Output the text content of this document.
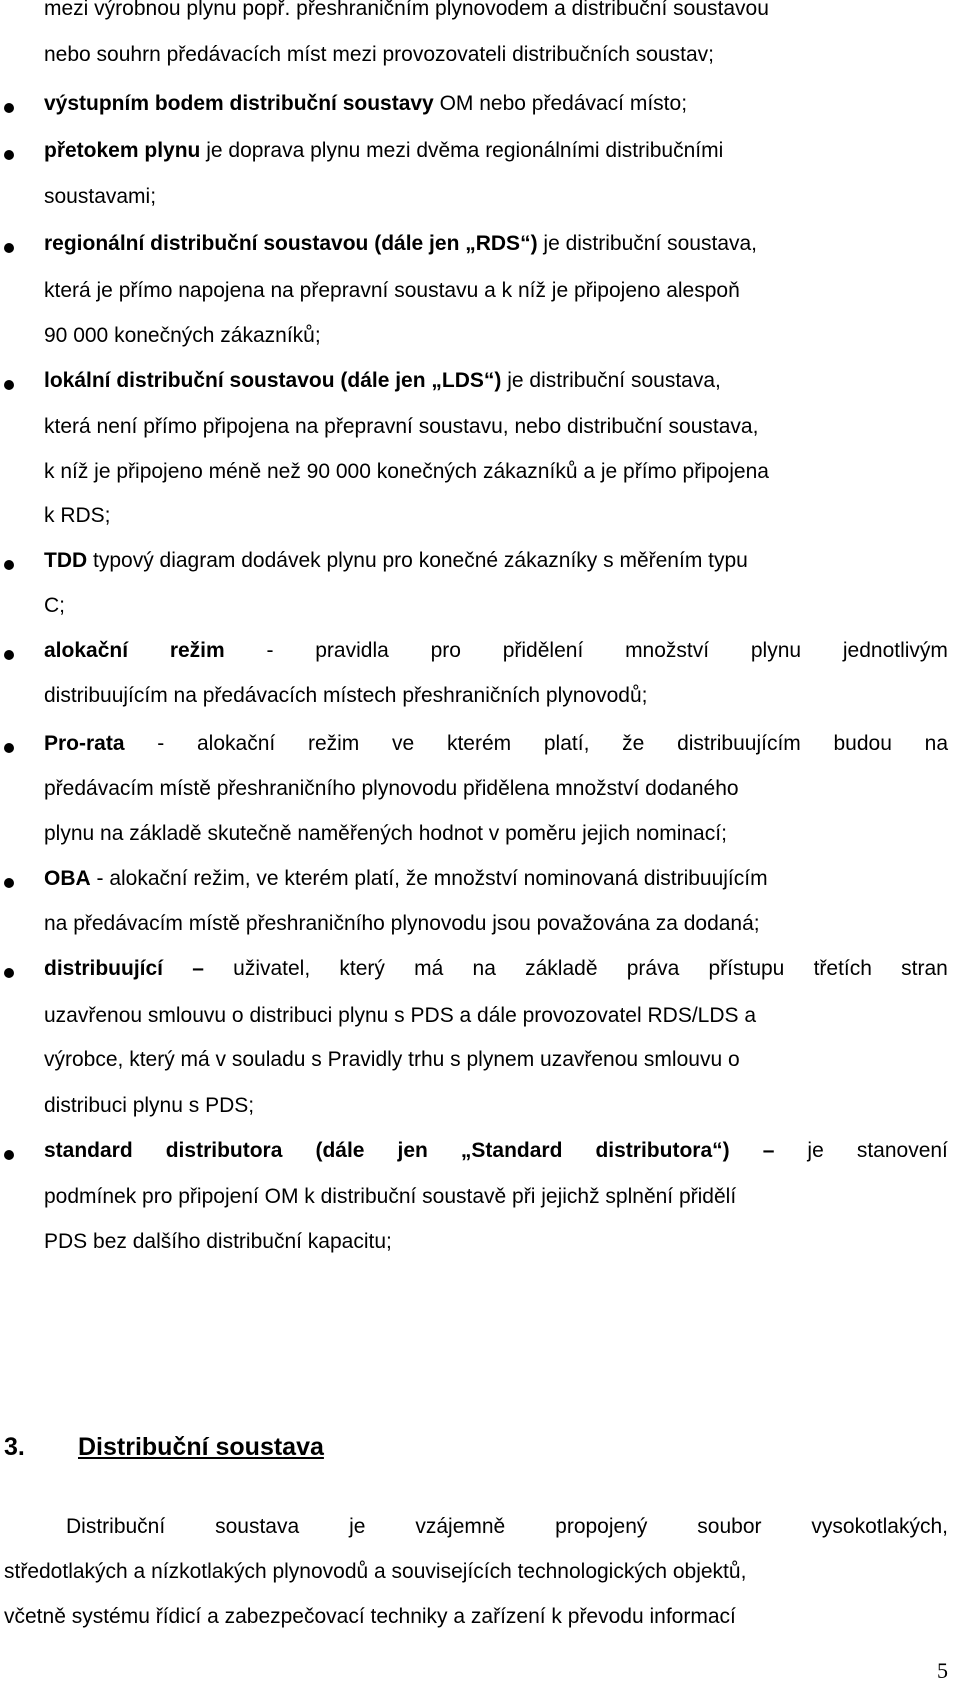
mezi výrobnou plynu popř. přeshraničním plynovodem a distribuční soustavou
nebo souhrn předávacích míst mezi provozovateli distribučních soustav;
výstupním bodem distribuční soustavy OM nebo předávací místo;
přetokem plynu je doprava plynu mezi dvěma regionálními distribučními
soustavami;
regionální distribuční soustavou (dále jen „RDS“) je distribuční soustava,
která je přímo napojena na přepravní soustavu a k níž je připojeno alespoň
90 000 konečných zákazníků;
lokální distribuční soustavou (dále jen „LDS“) je distribuční soustava,
která není přímo připojena na přepravní soustavu, nebo distribuční soustava,
k níž je připojeno méně než 90 000 konečných zákazníků a je přímo připojena
k RDS;
TDD typový diagram dodávek plynu pro konečné zákazníky s měřením typu
C;
alokační režim - pravidla pro přidělení množství plynu jednotlivým
distribuujícím na předávacích místech přeshraničních plynovodů;
Pro-rata - alokační režim ve kterém platí, že distribuujícím budou na
předávacím místě přeshraničního plynovodu přidělena množství dodaného
plynu na základě skutečně naměřených hodnot v poměru jejich nominací;
OBA - alokační režim, ve kterém platí, že množství nominovaná distribuujícím
na předávacím místě přeshraničního plynovodu jsou považována za dodaná;
distribuující – uživatel, který má na základě práva přístupu třetích stran
uzavřenou smlouvu o distribuci plynu s PDS a dále provozovatel RDS/LDS a
výrobce, který má v souladu s Pravidly trhu s plynem uzavřenou smlouvu o
distribuci plynu s PDS;
standard distributora (dále jen „Standard distributora“) – je stanovení
podmínek pro připojení OM k distribuční soustavě při jejichž splnění přidělí
PDS bez dalšího distribuční kapacitu;
3. Distribuční soustava
Distribuční soustava je vzájemně propojený soubor vysokotlakých,
středotlakých a nízkotlakých plynovodů a souvisejících technologických objektů,
včetně systému řídicí a zabezpečovací techniky a zařízení k převodu informací
5
